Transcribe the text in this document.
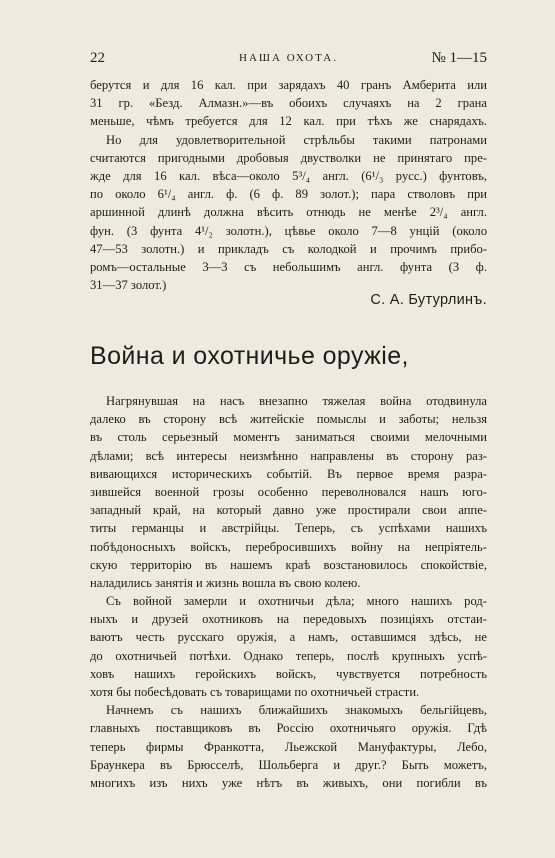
22	НАША ОХОТА.	№ 1—15
берутся и для 16 кал. при зарядахъ 40 гранъ Амберита или
31 гр. «Безд. Алмазн.»—въ обоихъ случаяхъ на 2 грана
меньше, чѣмъ требуется для 12 кал. при тѣхъ же снарядахъ.
Но для удовлетворительной стрѣльбы такими патронами
считаются пригодными дробовыя двустволки не принятаго пре-
жде для 16 кал. вѣса—около 5³/₄ англ. (6¹/₃ русс.) фунтовъ,
по около 6¹/₄ англ. ф. (6 ф. 89 золот.); пара стволовъ при
аршинной длинѣ должна вѣсить отнюдь не менѣе 2³/₄ англ.
фун. (3 фунта 4¹/₂ золотн.), цѣвье около 7—8 унцій (около
47—53 золотн.) и прикладъ съ колодкой и прочимъ прибо-
ромъ—остальные 3—3 съ небольшимъ англ. фунта (3 ф.
31—37 золот.)
С. А. Бутурлинъ.
Война и охотничье оружіе,
Нагрянувшая на насъ внезапно тяжелая война отодвинула
далеко въ сторону всѣ житейскіе помыслы и заботы; нельзя
въ столь серьезный моментъ заниматься своими мелочными
дѣлами; всѣ интересы неизмѣнно направлены въ сторону раз-
вивающихся историческихъ событій. Въ первое время разра-
зившейся военной грозы особенно переволновался нашъ юго-
западный край, на который давно уже простирали свои аппе-
титы германцы и австрійцы. Теперь, съ успѣхами нашихъ
побѣдоносныхъ войскъ, перебросившихъ войну на непріятель-
скую территорію въ нашемъ краѣ возстановилось спокойствіе,
наладились занятія и жизнь вошла въ свою колею.
Съ войной замерли и охотничьи дѣла; много нашихъ род-
ныхъ и друзей охотниковъ на передовыхъ позиціяхъ отстаи-
ваютъ честь русскаго оружія, а намъ, оставшимся здѣсь, не
до охотничьей потѣхи. Однако теперь, послѣ крупныхъ успѣ-
ховъ нашихъ геройскихъ войскъ, чувствуется потребность
хотя бы побесѣдовать съ товарищами по охотничьей страсти.
Начнемъ съ нашихъ ближайшихъ знакомыхъ бельгійцевъ,
главныхъ поставщиковъ въ Россію охотничьяго оружія. Гдѣ
теперь фирмы Франкотта, Льежской Мануфактуры, Лебо,
Браункера въ Брюсселѣ, Шольберга и друг.? Быть можетъ,
многихъ изъ нихъ уже нѣтъ въ живыхъ, они погибли въ
